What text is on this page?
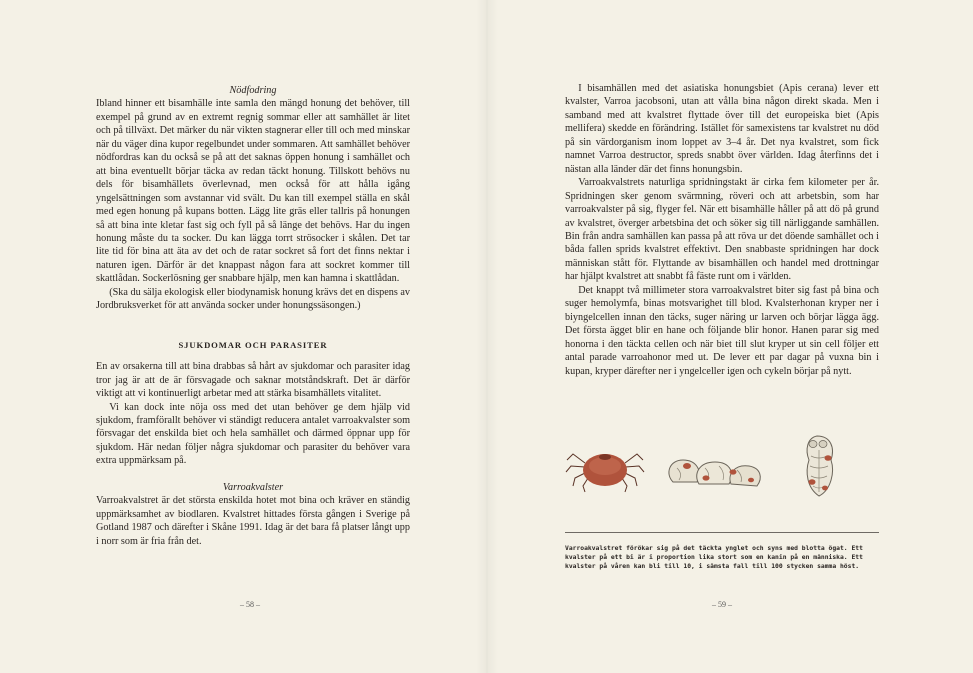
Nödfodring

Ibland hinner ett bisamhälle inte samla den mängd honung det behöver, till exempel på grund av en extremt regnig sommar eller att samhället är litet och på tillväxt. Det märker du när vikten stagnerar eller till och med minskar när du väger dina kupor regelbundet under sommaren. Att samhället behöver nödfordras kan du också se på att det saknas öppen honung i samhället och att bina eventuellt börjar täcka av redan täckt honung. Tillskott behövs nu dels för bisamhällets överlevnad, men också för att hålla igång yngelsättningen som avstannar vid svält. Du kan till exempel ställa en skål med egen honung på kupans botten. Lägg lite gräs eller tallris på honungen så att bina inte kletar fast sig och fyll på så länge det behövs. Har du ingen honung måste du ta socker. Du kan lägga torrt strösocker i skålen. Det tar lite tid för bina att äta av det och de ratar sockret så fort det finns nektar i naturen igen. Därför är det knappast någon fara att sockret kommer till skattlådan. Sockerlösning ger snabbare hjälp, men kan hamna i skattlådan.

(Ska du sälja ekologisk eller biodynamisk honung krävs det en dispens av Jordbruksverket för att använda socker under honungssäsongen.)

SJUKDOMAR OCH PARASITER

En av orsakerna till att bina drabbas så hårt av sjukdomar och parasiter idag tror jag är att de är försvagade och saknar motståndskraft. Det är därför viktigt att vi kontinuerligt arbetar med att stärka bisamhällets vitalitet.

Vi kan dock inte nöja oss med det utan behöver ge dem hjälp vid sjukdom, framförallt behöver vi ständigt reducera antalet varroakvalster som försvagar det enskilda biet och hela samhället och därmed öppnar upp för sjukdom. Här nedan följer några sjukdomar och parasiter du behöver vara extra uppmärksam på.

Varroakvalster

Varroakvalstret är det största enskilda hotet mot bina och kräver en ständig uppmärksamhet av biodlaren. Kvalstret hittades första gången i Sverige på Gotland 1987 och därefter i Skåne 1991. Idag är det bara få platser långt upp i norr som är fria från det.

– 58 –

I bisamhällen med det asiatiska honungsbiet (Apis cerana) lever ett kvalster, Varroa jacobsoni, utan att vålla bina någon direkt skada. Men i samband med att kvalstret flyttade över till det europeiska biet (Apis mellifera) skedde en förändring. Istället för samexistens tar kvalstret nu död på sin värdorganism inom loppet av 3–4 år. Det nya kvalstret, som fick namnet Varroa destructor, spreds snabbt över världen. Idag återfinns det i nästan alla länder där det finns honungsbin.

Varroakvalstrets naturliga spridningstakt är cirka fem kilometer per år. Spridningen sker genom svärmning, röveri och att arbetsbin, som har varroakvalster på sig, flyger fel. När ett bisamhälle håller på att dö på grund av kvalstret, överger arbetsbina det och söker sig till närliggande samhällen. Bin från andra samhällen kan passa på att röva ur det döende samhället och i båda fallen sprids kvalstret effektivt. Den snabbaste spridningen har dock människan stått för. Flyttande av bisamhällen och handel med drottningar har hjälpt kvalstret att snabbt få fäste runt om i världen.

Det knappt två millimeter stora varroakvalstret biter sig fast på bina och suger hemolymfa, binas motsvarighet till blod. Kvalsterhonan kryper ner i biyngelcellen innan den täcks, suger näring ur larven och börjar lägga ägg. Det första ägget blir en hane och följande blir honor. Hanen parar sig med honorna i den täckta cellen och när biet till slut kryper ut sin cell följer ett antal parade varroahonor med ut. De lever ett par dagar på vuxna bin i kupan, kryper därefter ner i yngelceller igen och cykeln börjar på nytt.

Varroakvalstret förökar sig på det täckta ynglet och syns med blotta ögat. Ett kvalster på ett bi är i proportion lika stort som en kanin på en människa. Ett kvalster på våren kan bli till 10, i sämsta fall till 100 stycken samma höst.
– 59 –
